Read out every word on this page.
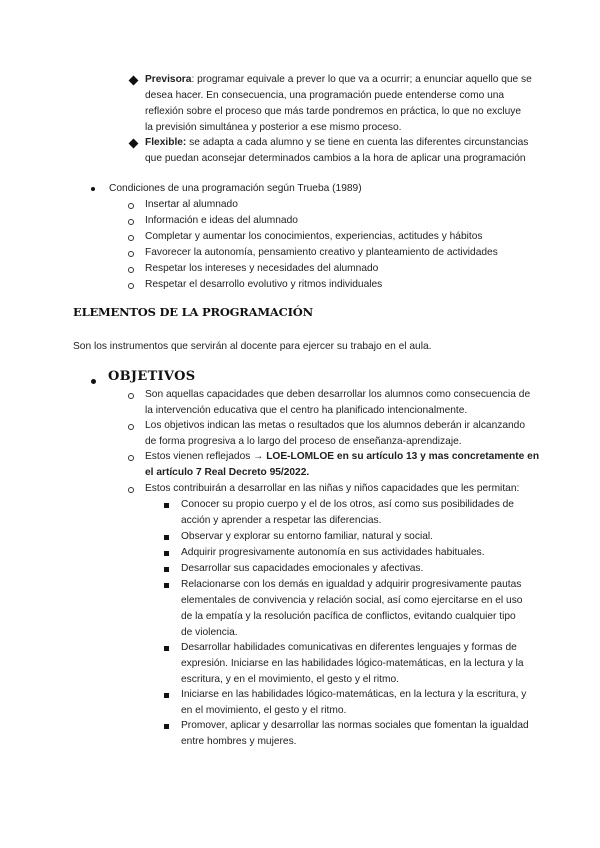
Previsora: programar equivale a prever lo que va a ocurrir; a enunciar aquello que se
desea hacer. En consecuencia, una programación puede entenderse como una
reflexión sobre el proceso que más tarde pondremos en práctica, lo que no excluye
la previsión simultánea y posterior a ese mismo proceso.
Flexible: se adapta a cada alumno y se tiene en cuenta las diferentes circunstancias
que puedan aconsejar determinados cambios a la hora de aplicar una programación
Condiciones de una programación según Trueba (1989)
Insertar al alumnado
Información e ideas del alumnado
Completar y aumentar los conocimientos, experiencias, actitudes y hábitos
Favorecer la autonomía, pensamiento creativo y planteamiento de actividades
Respetar los intereses y necesidades del alumnado
Respetar el desarrollo evolutivo y ritmos individuales
ELEMENTOS DE LA PROGRAMACIÓN
Son los instrumentos que servirán al docente para ejercer su trabajo en el aula.
OBJETIVOS
Son aquellas capacidades que deben desarrollar los alumnos como consecuencia de
la intervención educativa que el centro ha planificado intencionalmente.
Los objetivos indican las metas o resultados que los alumnos deberán ir alcanzando
de forma progresiva a lo largo del proceso de enseñanza-aprendizaje.
Estos vienen reflejados → LOE-LOMLOE en su artículo 13 y mas concretamente en
el artículo 7 Real Decreto 95/2022.
Estos contribuirán a desarrollar en las niñas y niños capacidades que les permitan:
Conocer su propio cuerpo y el de los otros, así como sus posibilidades de
acción y aprender a respetar las diferencias.
Observar y explorar su entorno familiar, natural y social.
Adquirir progresivamente autonomía en sus actividades habituales.
Desarrollar sus capacidades emocionales y afectivas.
Relacionarse con los demás en igualdad y adquirir progresivamente pautas
elementales de convivencia y relación social, así como ejercitarse en el uso
de la empatía y la resolución pacífica de conflictos, evitando cualquier tipo
de violencia.
Desarrollar habilidades comunicativas en diferentes lenguajes y formas de
expresión. Iniciarse en las habilidades lógico-matemáticas, en la lectura y la
escritura, y en el movimiento, el gesto y el ritmo.
Iniciarse en las habilidades lógico-matemáticas, en la lectura y la escritura, y
en el movimiento, el gesto y el ritmo.
Promover, aplicar y desarrollar las normas sociales que fomentan la igualdad
entre hombres y mujeres.
